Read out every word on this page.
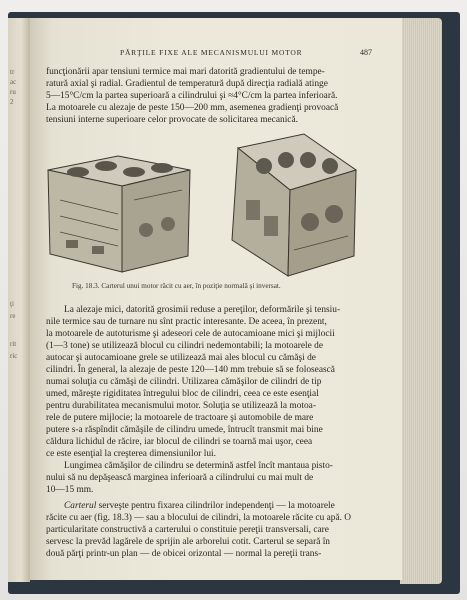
tr
ac
ru
2
ţi
re
rit
ric
PĂRŢILE FIXE ALE MECANISMULUI MOTOR	487

funcţionării apar tensiuni termice mai mari datorită gradientului de tempe-

ratură axial şi radial. Gradientul de temperatură după direcţia radială atinge

5—15°C/cm la partea superioară a cilindrului şi ≈4°C/cm la partea inferioară.

La motoarele cu alezaje de peste 150—200 mm, asemenea gradienţi provoacă

tensiuni interne superioare celor provocate de solicitarea mecanică.

Fig. 18.3. Carterul unui motor răcit cu aer, în poziţie normală şi inversat.

La alezaje mici, datorită grosimii reduse a pereţilor, deformările şi tensiu-

nile termice sau de turnare nu sînt practic interesante. De aceea, în prezent,

la motoarele de autoturisme şi adeseori cele de autocamioane mici şi mijlocii

(1—3 tone) se utilizează blocul cu cilindri nedemontabili; la motoarele de

autocar şi autocamioane grele se utilizează mai ales blocul cu cămăşi de

cilindri. În general, la alezaje de peste 120—140 mm trebuie să se folosească

numai soluţia cu cămăşi de cilindri. Utilizarea cămăşilor de cilindri de tip

umed, măreşte rigiditatea întregului bloc de cilindri, ceea ce este esenţial

pentru durabilitatea mecanismului motor. Soluţia se utilizează la motoa-

rele de putere mijlocie; la motoarele de tractoare şi automobile de mare

putere s-a răspîndit cămăşile de cilindru umede, întrucît transmit mai bine

căldura lichidul de răcire, iar blocul de cilindri se toarnă mai uşor, ceea

ce este esenţial la creşterea dimensiunilor lui.

Lungimea cămăşilor de cilindru se determină astfel încît mantaua pisto-

nului să nu depăşească marginea inferioară a cilindrului cu mai mult de

10—15 mm.

Carterul serveşte pentru fixarea cilindrilor independenţi — la motoarele

răcite cu aer (fig. 18.3) — sau a blocului de cilindri, la motoarele răcite cu apă. O

particularitate constructivă a carterului o constituie pereţii transversali, care

servesc la prevăd lagărele de sprijin ale arborelui cotit. Carterul se separă în

două părţi printr-un plan — de obicei orizontal — normal la pereţii trans-
